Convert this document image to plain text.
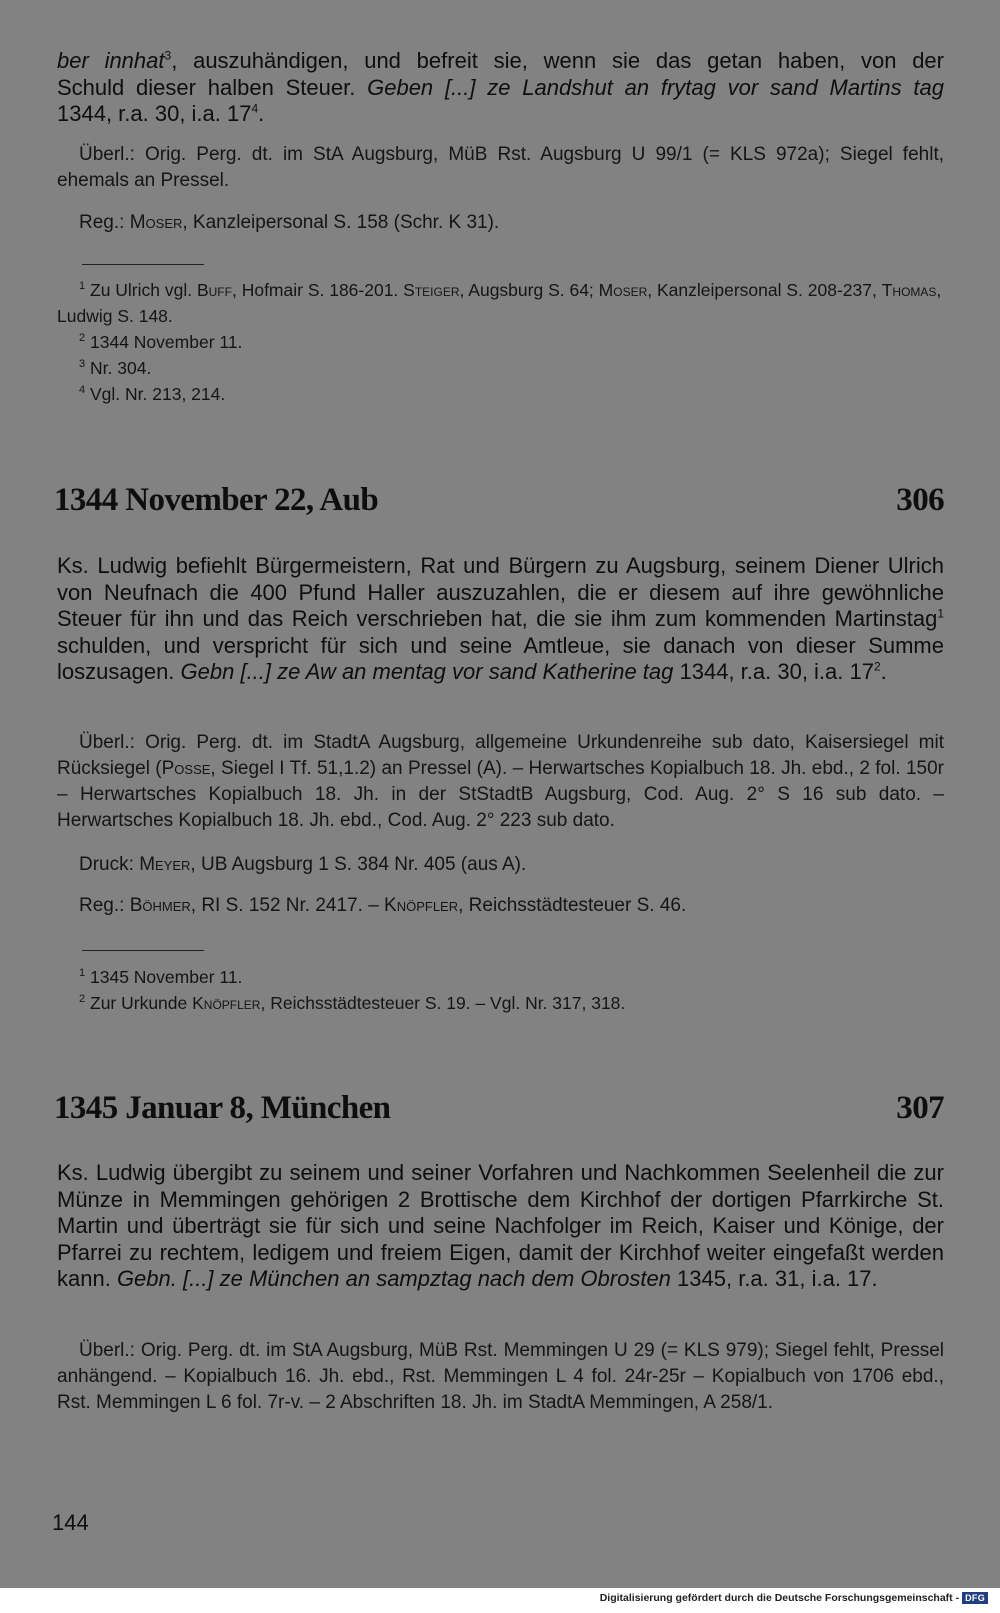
ber innhat$^3$, auszuhändigen, und befreit sie, wenn sie das getan haben, von der

Schuld dieser halben Steuer. Geben [...] ze Landshut an frytag vor sand Martins tag

1344, r.a. 30, i.a. $17^4$.

Überl.: Orig. Perg. dt. im StA Augsburg, MüB Rst. Augsburg U 99/1 (= KLS 972a); Siegel fehlt, ehemals an Pressel.

Reg.: Moser, Kanzleipersonal S. 158 (Schr. K 31).

$^1$ Zu Ulrich vgl. Buff, Hofmair S. 186-201. Steiger, Augsburg S. 64; Moser, Kanzleipersonal S. 208-237, Thomas, Ludwig S. 148.

$^2$ 1344 November 11.

$^3$ Nr. 304.

$^4$ Vgl. Nr. 213, 214.

1344 November 22, Aub	306

Ks. Ludwig befiehlt Bürgermeistern, Rat und Bürgern zu Augsburg, seinem Diener Ulrich von Neufnach die 400 Pfund Haller auszuzahlen, die er diesem auf ihre gewöhnliche Steuer für ihn und das Reich verschrieben hat, die sie ihm zum kommenden Martinstag$^1$ schulden, und verspricht für sich und seine Amtleue, sie danach von dieser Summe loszusagen. Gebn [...] ze Aw an mentag vor sand Katherine tag 1344, r.a. 30, i.a. $17^2$.

Überl.: Orig. Perg. dt. im StadtA Augsburg, allgemeine Urkundenreihe sub dato, Kaisersiegel mit Rücksiegel (Posse, Siegel I Tf. 51,1.2) an Pressel (A). – Herwartsches Kopialbuch 18. Jh. ebd., 2 fol. 150r – Herwartsches Kopialbuch 18. Jh. in der StStadtB Augsburg, Cod. Aug. 2° S 16 sub dato. – Herwartsches Kopialbuch 18. Jh. ebd., Cod. Aug. 2° 223 sub dato.

Druck: Meyer, UB Augsburg 1 S. 384 Nr. 405 (aus A).

Reg.: Böhmer, RI S. 152 Nr. 2417. – Knöpfler, Reichsstädtesteuer S. 46.

$^1$ 1345 November 11.

$^2$ Zur Urkunde Knöpfler, Reichsstädtesteuer S. 19. – Vgl. Nr. 317, 318.

1345 Januar 8, München	307

Ks. Ludwig übergibt zu seinem und seiner Vorfahren und Nachkommen Seelenheil die zur Münze in Memmingen gehörigen 2 Brottische dem Kirchhof der dortigen Pfarrkirche St. Martin und überträgt sie für sich und seine Nachfolger im Reich, Kaiser und Könige, der Pfarrei zu rechtem, ledigem und freiem Eigen, damit der Kirchhof weiter eingefaßt werden kann. Gebn. [...] ze München an sampztag nach dem Obrosten 1345, r.a. 31, i.a. 17.

Überl.: Orig. Perg. dt. im StA Augsburg, MüB Rst. Memmingen U 29 (= KLS 979); Siegel fehlt, Pressel anhängend. – Kopialbuch 16. Jh. ebd., Rst. Memmingen L 4 fol. 24r-25r – Kopialbuch von 1706 ebd., Rst. Memmingen L 6 fol. 7r-v. – 2 Abschriften 18. Jh. im StadtA Memmingen, A 258/1.

144
Digitalisierung gefördert durch die Deutsche Forschungsgemeinschaft - DFG
